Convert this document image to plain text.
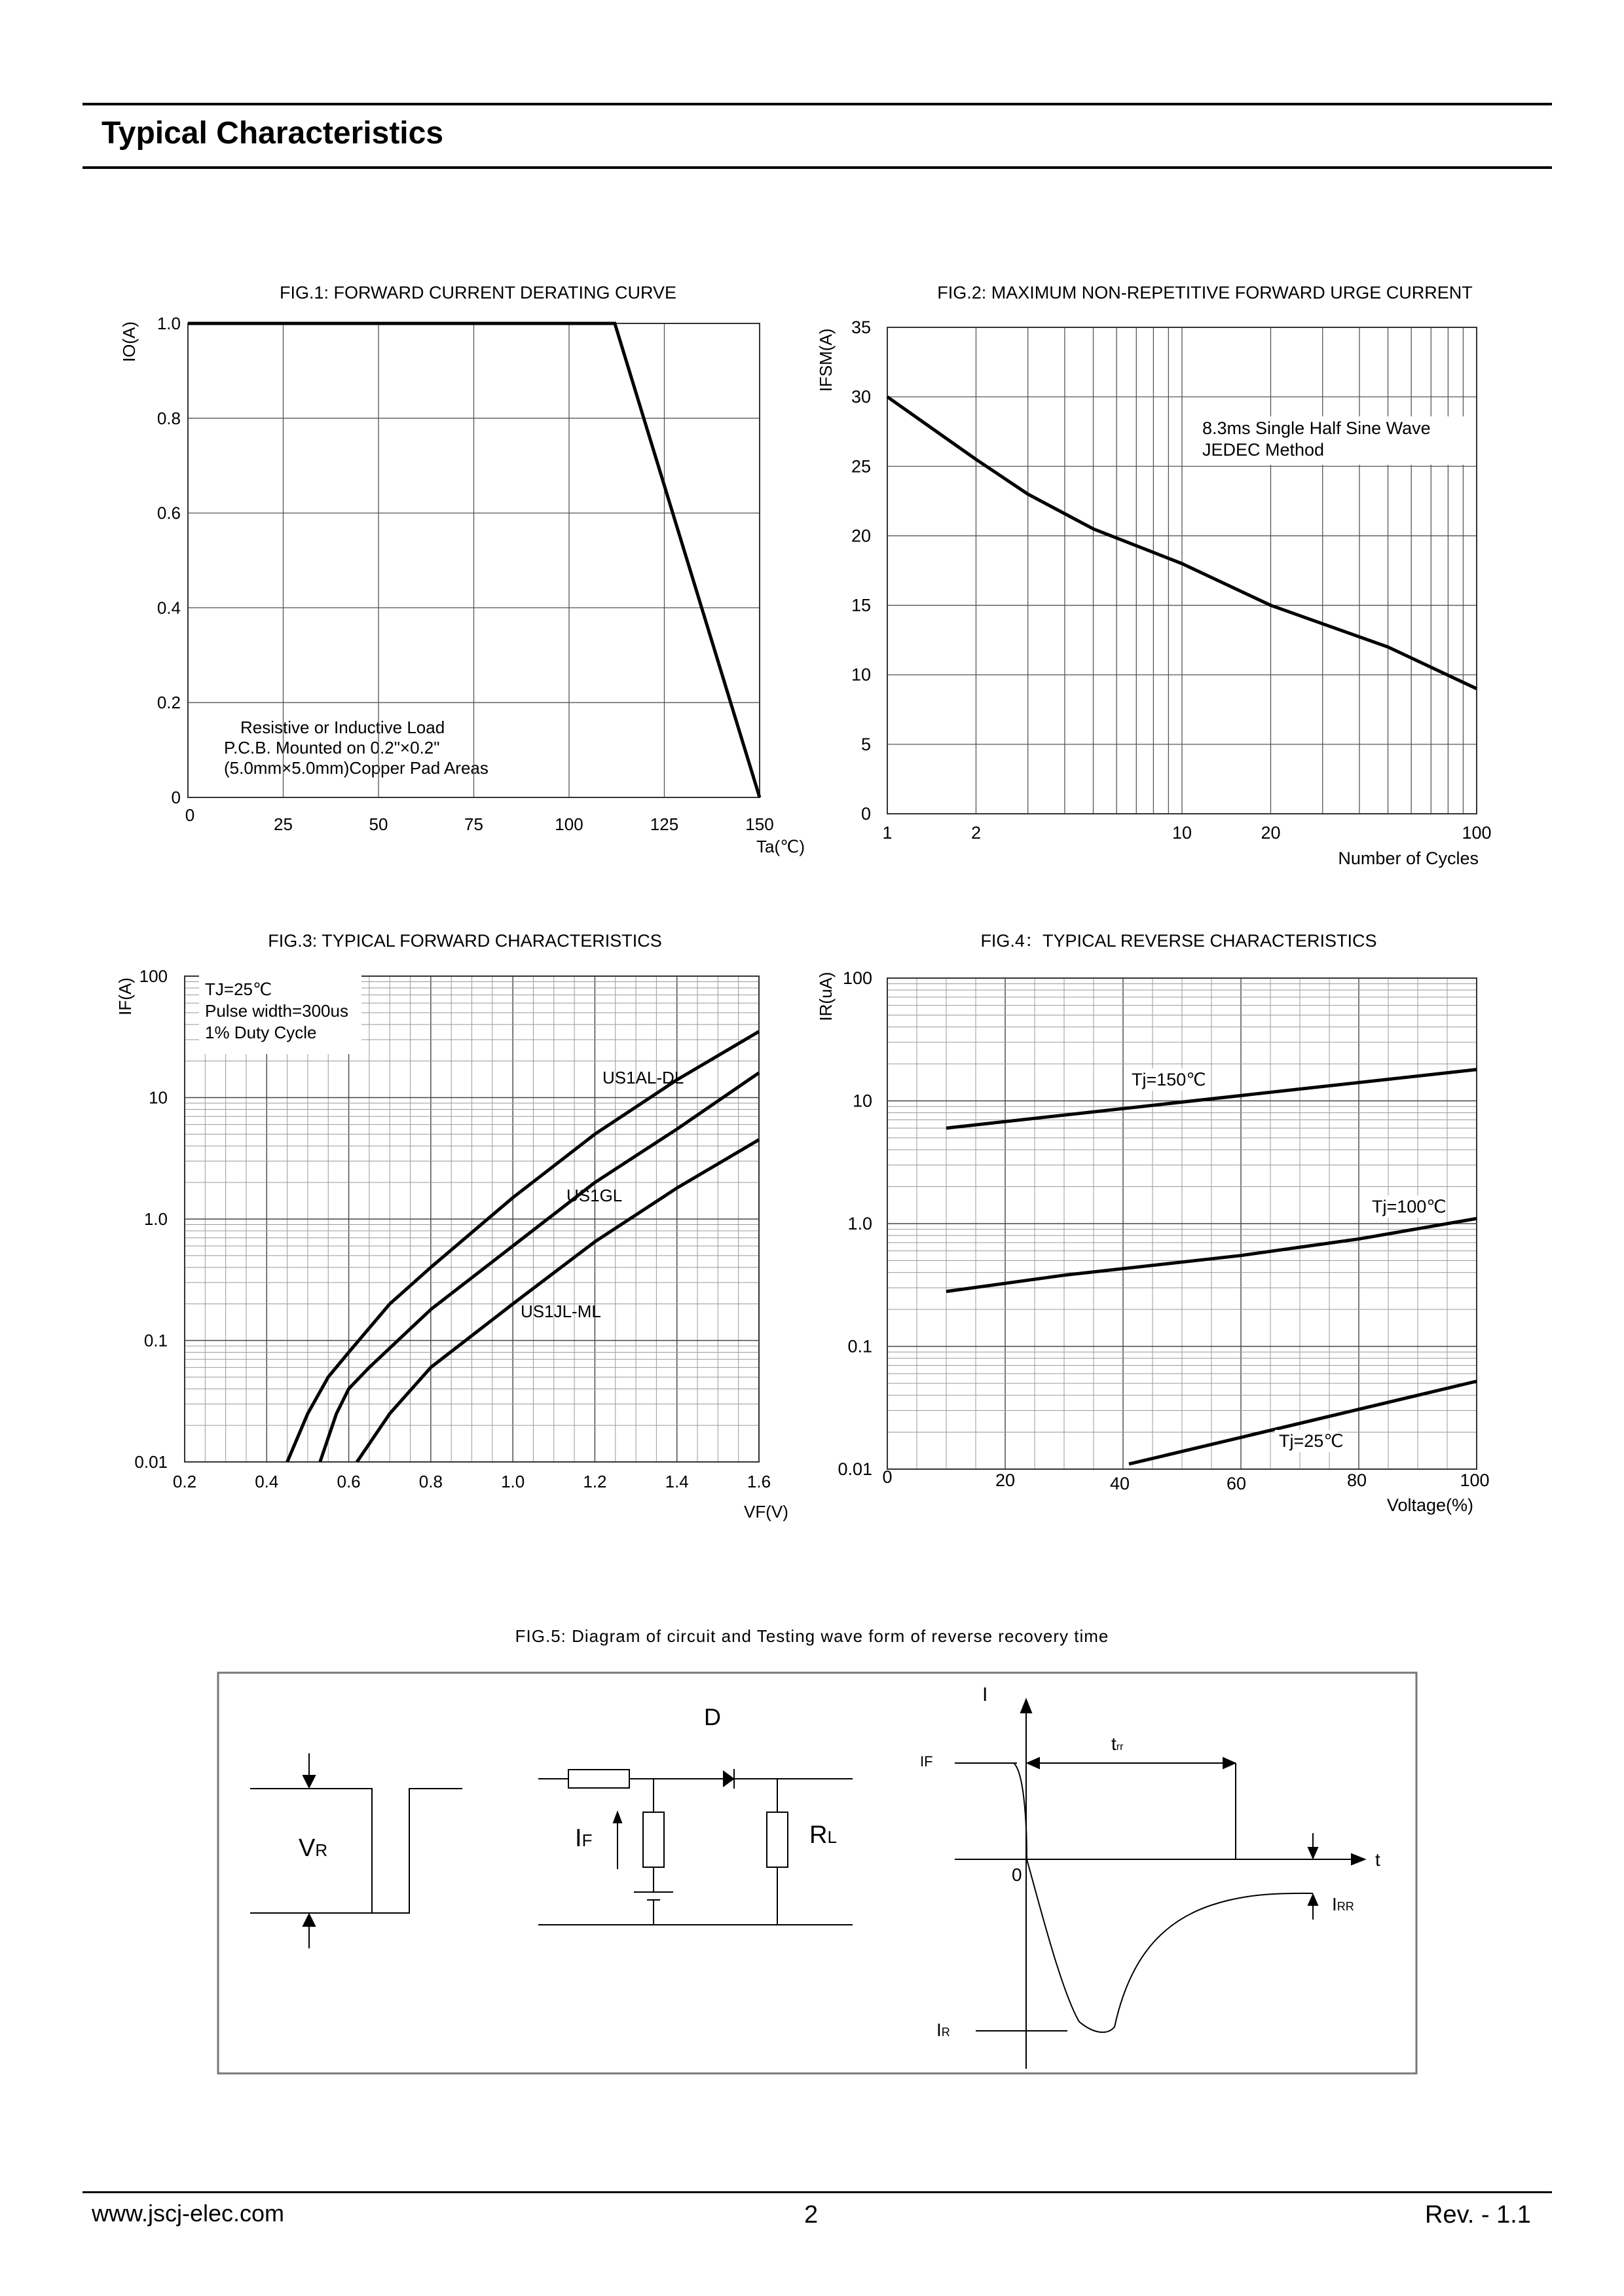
Typical Characteristics
FIG.1: FORWARD CURRENT DERATING CURVE
IO(A)
Ta(℃)
Resistive or Inductive Load
P.C.B. Mounted on 0.2"×0.2"
(5.0mm×5.0mm)Copper Pad Areas
0
0.2
0.4
0.6
0.8
1.0
0	25	50	75	100	125	150
FIG.2: MAXIMUM NON-REPETITIVE FORWARD URGE CURRENT
IFSM(A)
Number of Cycles
8.3ms Single Half Sine Wave
JEDEC Method
0
5
10
15
20
25
30
35
1	2	10	20	100
FIG.3: TYPICAL FORWARD CHARACTERISTICS
IF(A)
VF(V)
TJ=25℃
Pulse width=300us
1% Duty Cycle
0.01
0.1
1.0
10
100
0.2	0.4	0.6	0.8	1.0	1.2	1.4	1.6
US1AL-DL
US1GL
US1JL-ML
FIG.4：TYPICAL REVERSE CHARACTERISTICS
IR(uA)
Voltage(%)
0.01
0.1
1.0
10
100
0	20	40	60	80	100
Tj=150℃
Tj=100℃
Tj=25℃
FIG.5: Diagram of circuit and Testing wave form of reverse recovery time
VR
D
IF	RL
I
IF
trr
t
0
IRR
IR
www.jscj-elec.com	2	Rev. - 1.1
